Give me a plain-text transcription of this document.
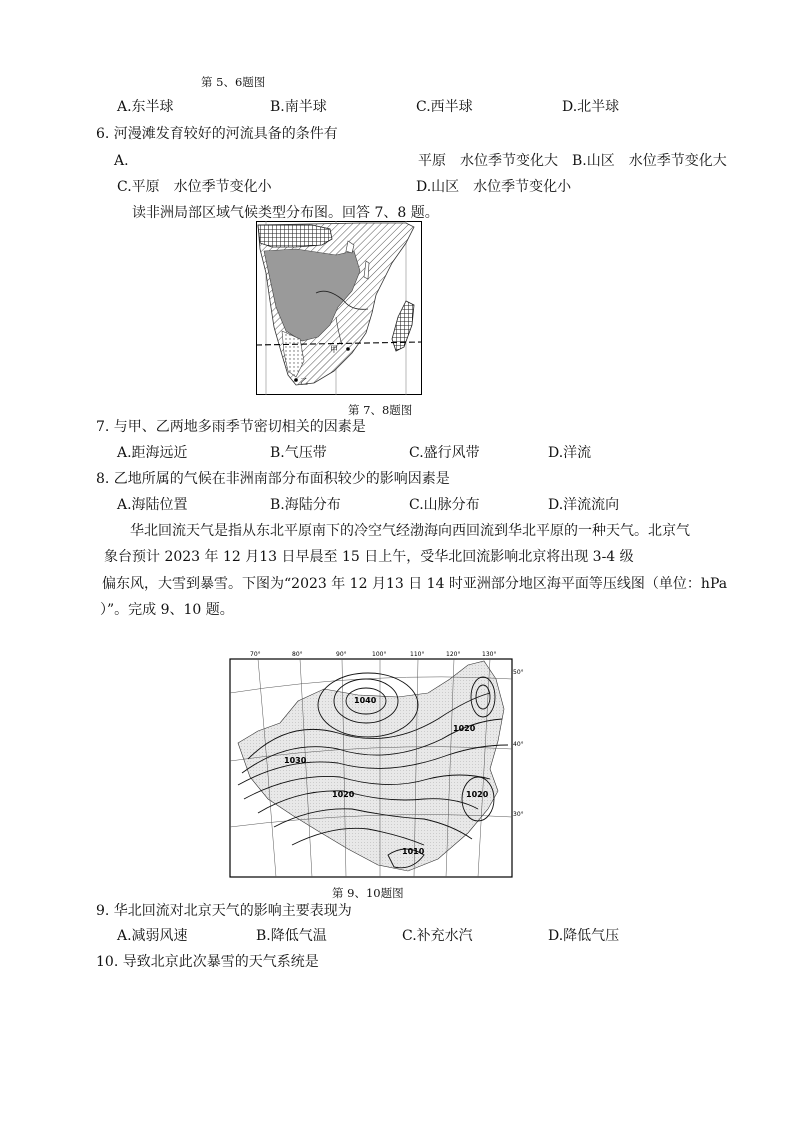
第 5、6题图
A.东半球	B.南半球	C.西半球	D.北半球
6. 河漫滩发育较好的河流具备的条件有
A.	平原　水位季节变化大 B.山区　水位季节变化大
C.平原　水位季节变化小	D.山区　水位季节变化小
读非洲局部区域气候类型分布图。回答 7、8 题。
甲
乙
第 7、8题图
7. 与甲、乙两地多雨季节密切相关的因素是
A.距海远近	B.气压带	C.盛行风带	D.洋流
8. 乙地所属的气候在非洲南部分布面积较少的影响因素是
A.海陆位置	B.海陆分布	C.山脉分布	D.洋流流向
华北回流天气是指从东北平原南下的冷空气经渤海向西回流到华北平原的一种天气。北京气
象台预计 2023 年 12 月13 日早晨至 15 日上午，受华北回流影响北京将出现 3-4 级
偏东风，大雪到暴雪。下图为“2023 年 12 月13 日 14 时亚洲部分地区海平面等压线图（单位：hPa
）”。完成 9、10 题。
70°	80°	90°	100°	110°	120°	130°
50°
40°
30°
1040
1030
1020
1020	1020
1010
第 9、10题图
9. 华北回流对北京天气的影响主要表现为
A.减弱风速	B.降低气温	C.补充水汽	D.降低气压
10. 导致北京此次暴雪的天气系统是
